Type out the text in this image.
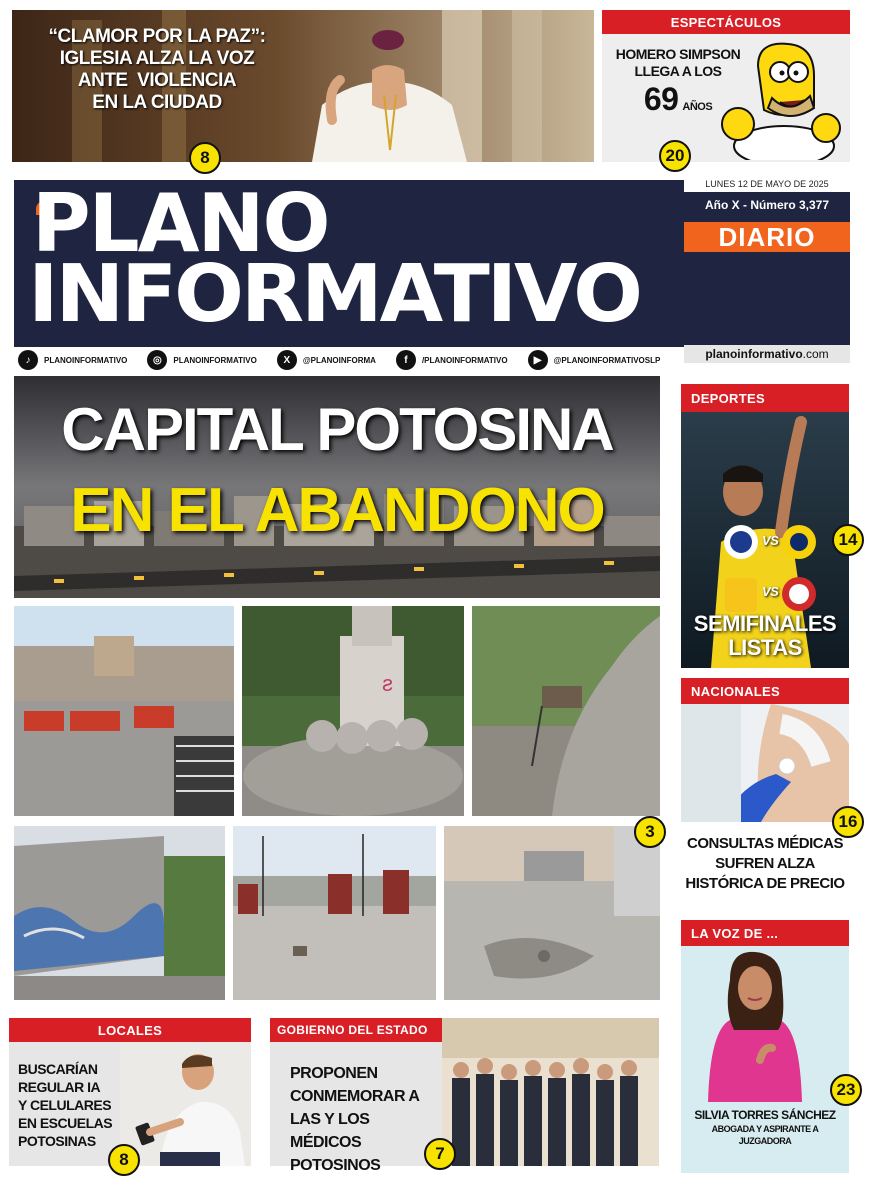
“CLAMOR POR LA PAZ”:
IGLESIA ALZA LA VOZ
ANTE  VIOLENCIA
EN LA CIUDAD
8
ESPECTÁCULOS
HOMERO SIMPSON
LLEGA A LOS
69 AÑOS
20
PLANO
INFORMATIVO
LUNES 12 DE MAYO DE 2025
Año X - Número 3,377
DIARIO
♪	PLANOINFORMATIVO	◎	PLANOINFORMATIVO	X	@PLANOINFORMA	f	/PLANOINFORMATIVO	▶	@PLANOINFORMATIVOSLP	planoinformativo .com
CAPITAL POTOSINA
EN EL ABANDONO
ƨ
3
DEPORTES
VS
VS
SEMIFINALES
LISTAS
14
NACIONALES
CONSULTAS MÉDICAS
SUFREN ALZA
HISTÓRICA DE PRECIO
16
LA VOZ DE ...
SILVIA TORRES SÁNCHEZ
ABOGADA Y ASPIRANTE A
JUZGADORA
23
LOCALES
BUSCARÍAN
REGULAR IA
Y CELULARES
EN ESCUELAS
POTOSINAS
8
GOBIERNO DEL ESTADO
PROPONEN
CONMEMORAR A
LAS Y LOS MÉDICOS
POTOSINOS
7
